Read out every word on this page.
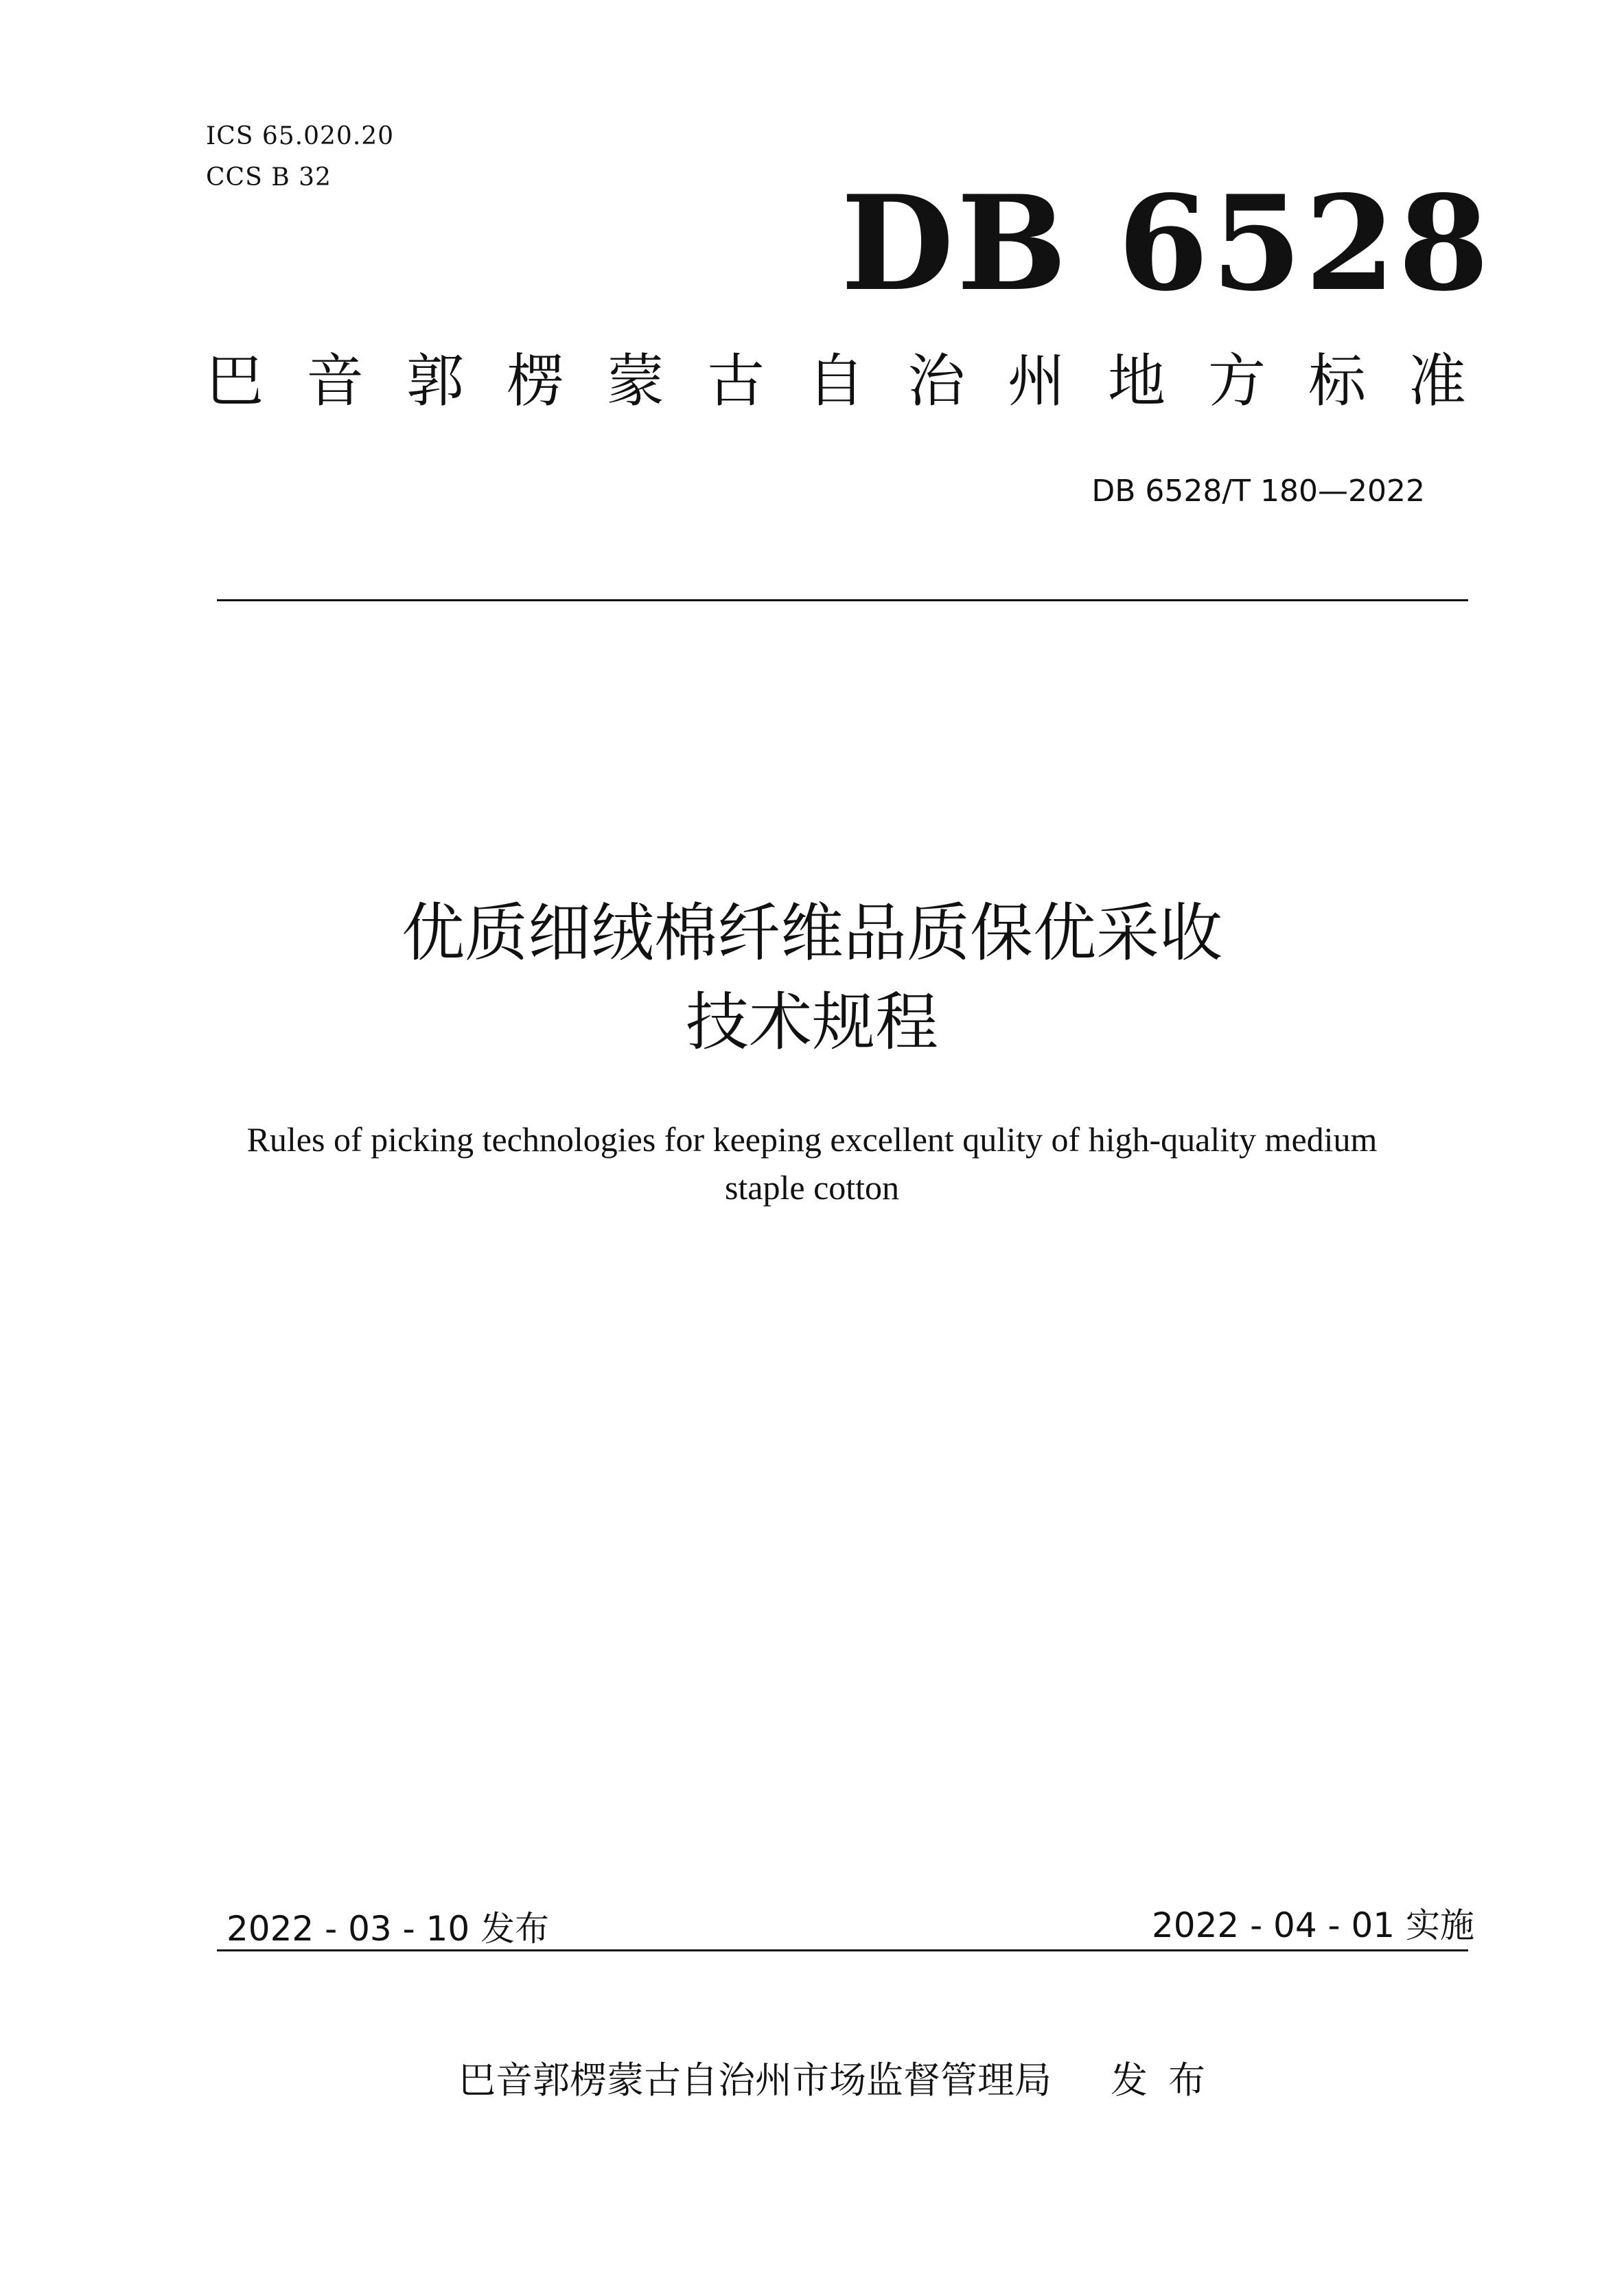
ICS 65.020.20
CCS B 32	DB 6528
巴音郭楞蒙古自治州地方标准
DB 6528/T 180—2022
优质细绒棉纤维品质保优采收
技术规程
Rules of picking technologies for keeping excellent qulity of high-quality medium
staple cotton
2022 - 03 - 10 发布	2022 - 04 - 01 实施
巴音郭楞蒙古自治州市场监督管理局 发布
